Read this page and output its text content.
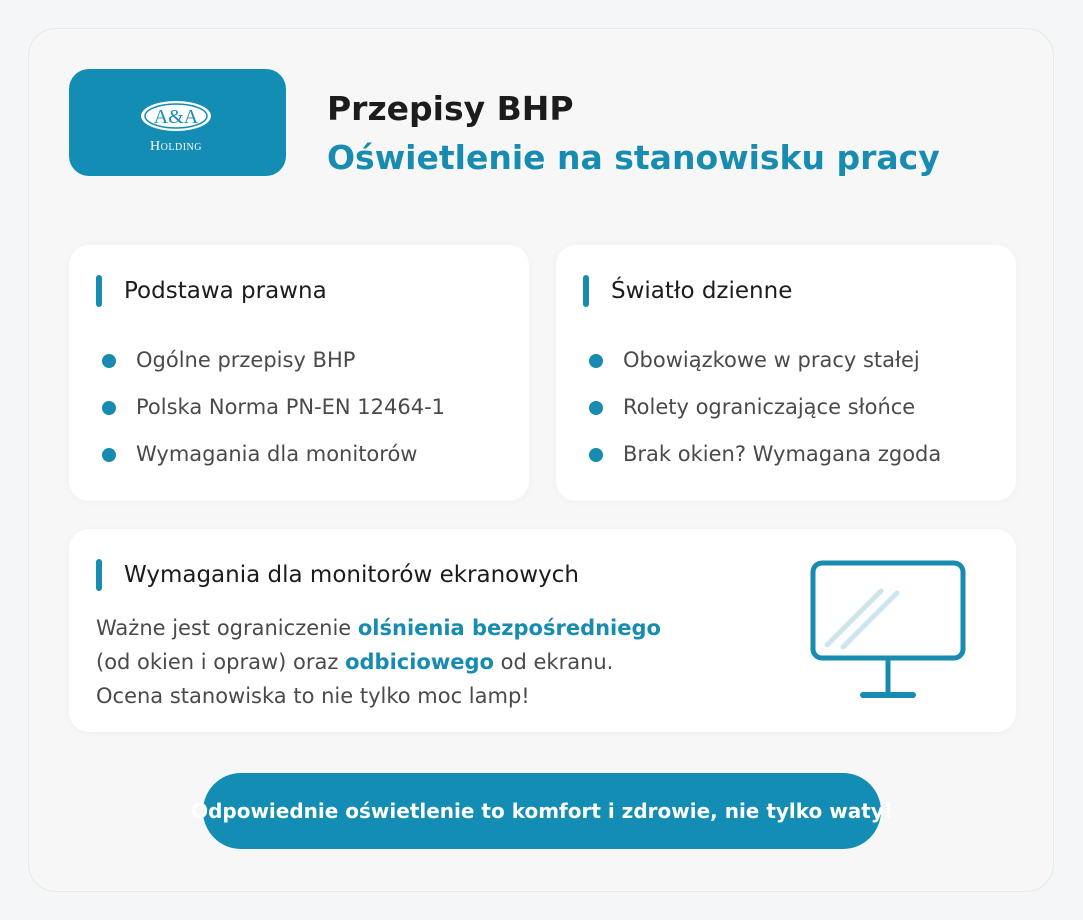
A&A
Holding
Przepisy BHP
Oświetlenie na stanowisku pracy
Podstawa prawna
Ogólne przepisy BHP
Polska Norma PN-EN 12464-1
Wymagania dla monitorów
Światło dzienne
Obowiązkowe w pracy stałej
Rolety ograniczające słońce
Brak okien? Wymagana zgoda
Wymagania dla monitorów ekranowych
Ważne jest ograniczenie olśnienia bezpośredniego
(od okien i opraw) oraz odbiciowego od ekranu.
Ocena stanowiska to nie tylko moc lamp!
Odpowiednie oświetlenie to komfort i zdrowie, nie tylko waty!
